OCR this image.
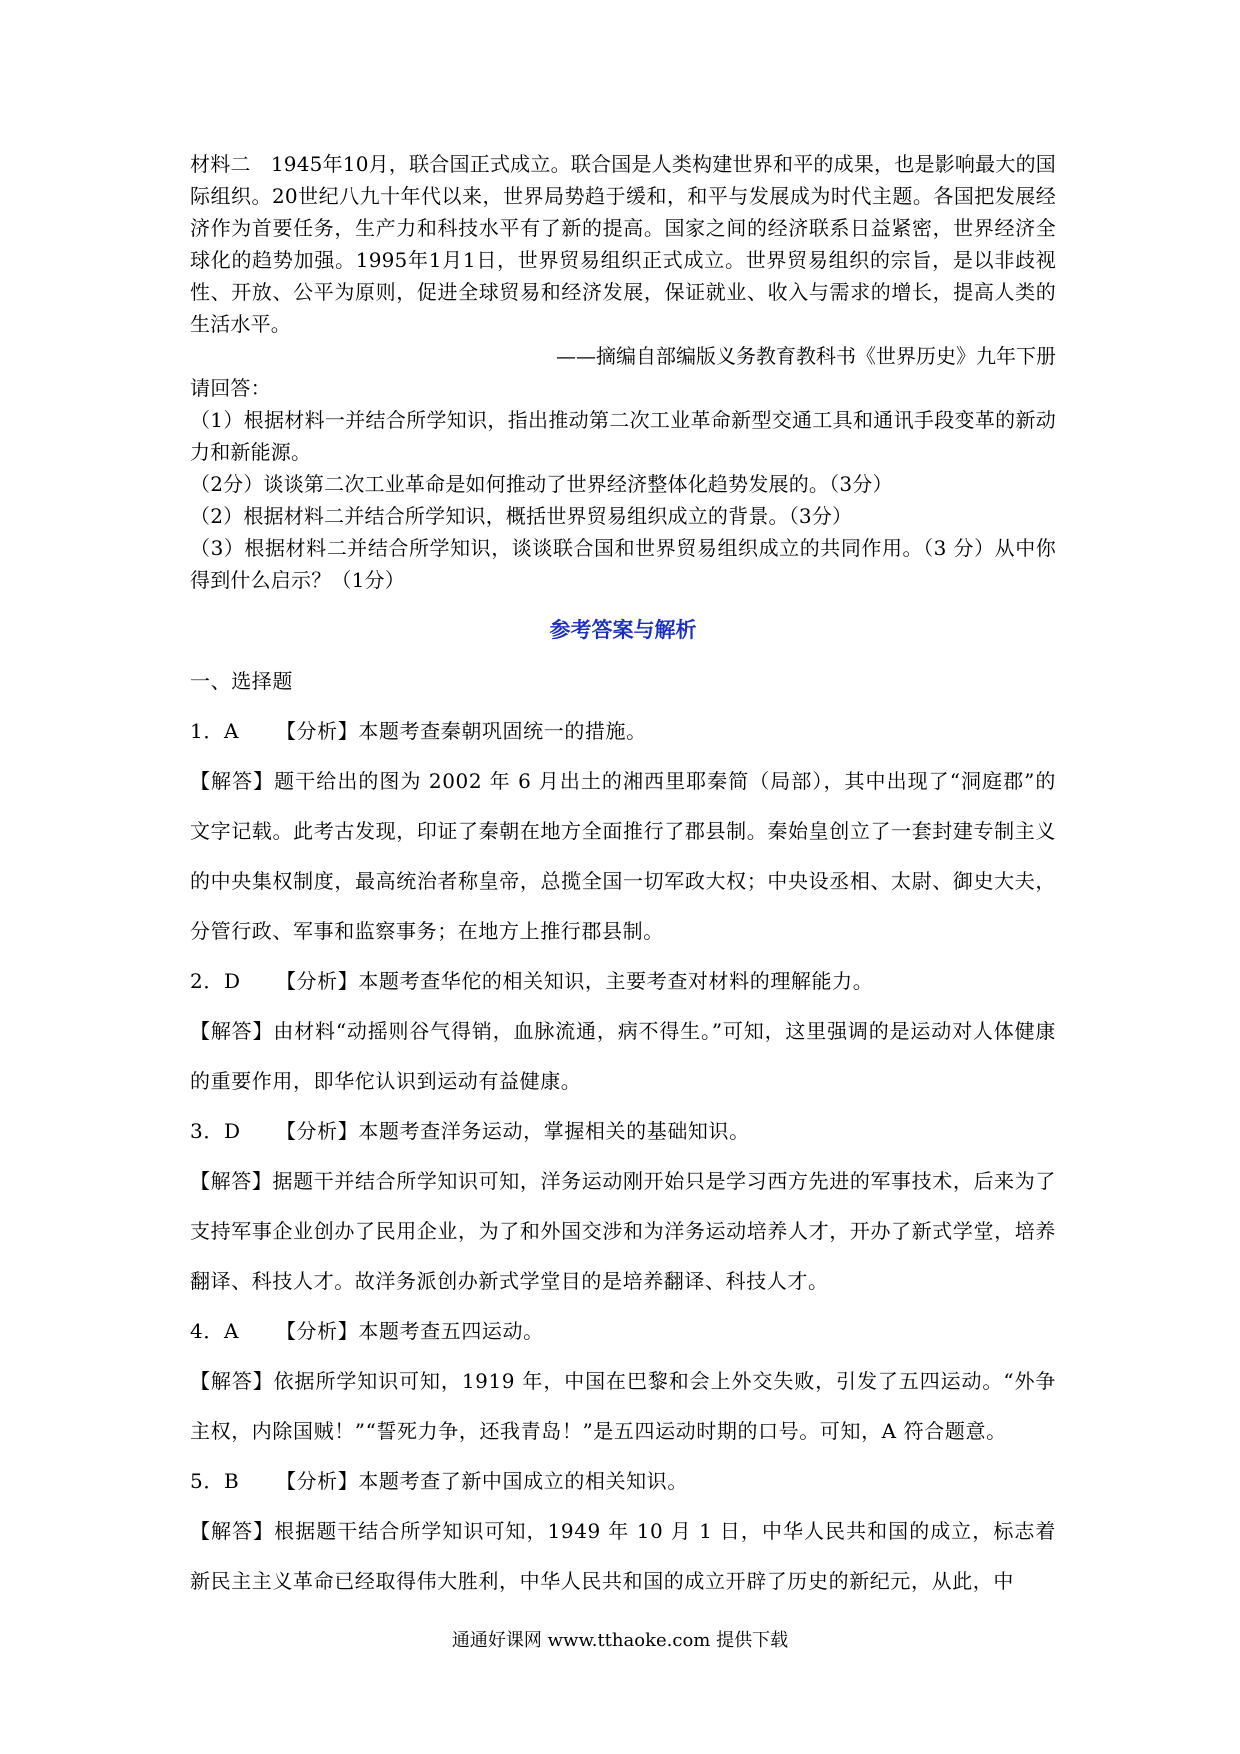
材料二　1945年10月，联合国正式成立。联合国是人类构建世界和平的成果，也是影响最大的国际组织。20世纪八九十年代以来，世界局势趋于缓和，和平与发展成为时代主题。各国把发展经济作为首要任务，生产力和科技水平有了新的提高。国家之间的经济联系日益紧密，世界经济全球化的趋势加强。1995年1月1日，世界贸易组织正式成立。世界贸易组织的宗旨，是以非歧视性、开放、公平为原则，促进全球贸易和经济发展，保证就业、收入与需求的增长，提高人类的生活水平。

——摘编自部编版义务教育教科书《世界历史》九年下册

请回答：

（1）根据材料一并结合所学知识，指出推动第二次工业革命新型交通工具和通讯手段变革的新动力和新能源。

（2分）谈谈第二次工业革命是如何推动了世界经济整体化趋势发展的。（3分）

（2）根据材料二并结合所学知识，概括世界贸易组织成立的背景。（3分）

（3）根据材料二并结合所学知识，谈谈联合国和世界贸易组织成立的共同作用。（3 分）从中你得到什么启示？（1分）

参考答案与解析

一、选择题

1．A 【分析】本题考查秦朝巩固统一的措施。

【解答】题干给出的图为 2002 年 6 月出土的湘西里耶秦简（局部），其中出现了“洞庭郡”的文字记载。此考古发现，印证了秦朝在地方全面推行了郡县制。秦始皇创立了一套封建专制主义的中央集权制度，最高统治者称皇帝，总揽全国一切军政大权；中央设丞相、太尉、御史大夫，分管行政、军事和监察事务；在地方上推行郡县制。

2．D 【分析】本题考查华佗的相关知识，主要考查对材料的理解能力。

【解答】由材料“动摇则谷气得销，血脉流通，病不得生。”可知，这里强调的是运动对人体健康的重要作用，即华佗认识到运动有益健康。

3．D 【分析】本题考查洋务运动，掌握相关的基础知识。

【解答】据题干并结合所学知识可知，洋务运动刚开始只是学习西方先进的军事技术，后来为了支持军事企业创办了民用企业，为了和外国交涉和为洋务运动培养人才，开办了新式学堂，培养翻译、科技人才。故洋务派创办新式学堂目的是培养翻译、科技人才。

4．A 【分析】本题考查五四运动。

【解答】依据所学知识可知，1919 年，中国在巴黎和会上外交失败，引发了五四运动。“外争主权，内除国贼！”“誓死力争，还我青岛！”是五四运动时期的口号。可知，A 符合题意。

5．B 【分析】本题考查了新中国成立的相关知识。

【解答】根据题干结合所学知识可知，1949 年 10 月 1 日，中华人民共和国的成立，标志着新民主主义革命已经取得伟大胜利，中华人民共和国的成立开辟了历史的新纪元，从此，中

通通好课网 www.tthaoke.com 提供下载
